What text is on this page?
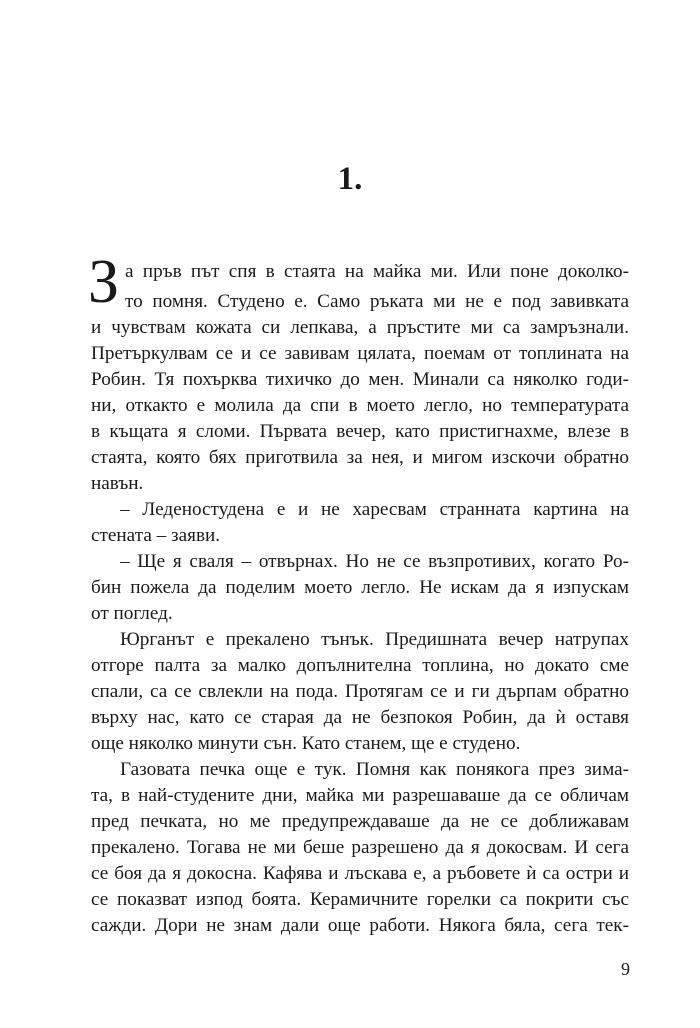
1.
З а пръв път спя в стаята на майка ми. Или поне доколко-
то помня. Студено е. Само ръката ми не е под завивката
и чувствам кожата си лепкава, а пръстите ми са замръзнали.
Претъркулвам се и се завивам цялата, поемам от топлината на
Робин. Тя похърква тихичко до мен. Минали са няколко годи-
ни, откакто е молила да спи в моето легло, но температурата
в къщата я сломи. Първата вечер, като пристигнахме, влезе в
стаята, която бях приготвила за нея, и мигом изскочи обратно
навън.
– Леденостудена е и не харесвам странната картина на
стената – заяви.
– Ще я сваля – отвърнах. Но не се възпротивих, когато Ро-
бин пожела да поделим моето легло. Не искам да я изпускам
от поглед.
Юрганът е прекалено тънък. Предишната вечер натрупах
отгоре палта за малко допълнителна топлина, но докато сме
спали, са се свлекли на пода. Протягам се и ги дърпам обратно
върху нас, като се старая да не безпокоя Робин, да ѝ оставя
още няколко минути сън. Като станем, ще е студено.
Газовата печка още е тук. Помня как понякога през зима-
та, в най-студените дни, майка ми разрешаваше да се обличам
пред печката, но ме предупреждаваше да не се доближавам
прекалено. Тогава не ми беше разрешено да я докосвам. И сега
се боя да я докосна. Кафява и лъскава е, а ръбовете ѝ са остри и
се показват изпод боята. Керамичните горелки са покрити със
сажди. Дори не знам дали още работи. Някога бяла, сега тек-
9
